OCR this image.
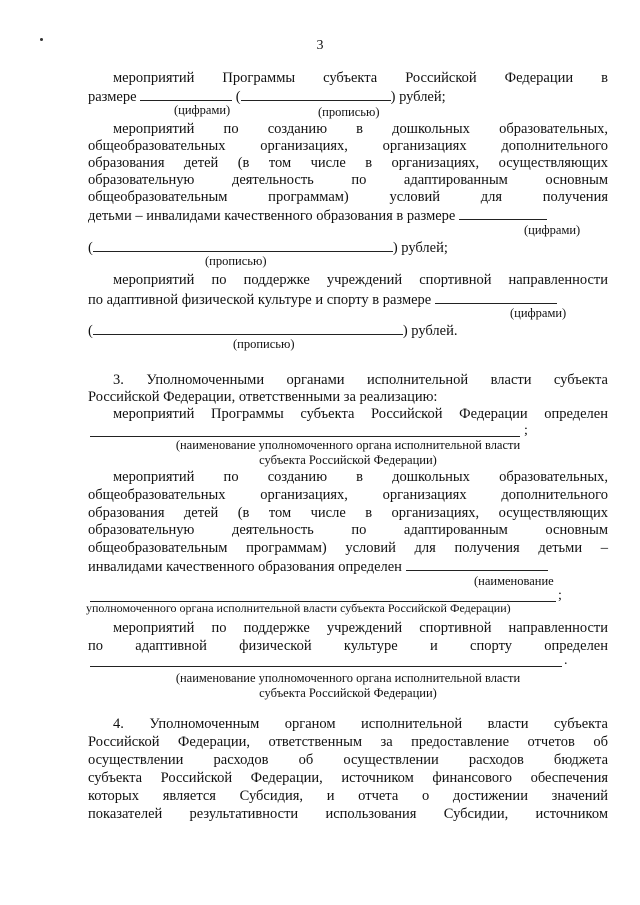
3
мероприятий Программы субъекта Российской Федерации в
размере	(	) рублей;
(цифрами)	(прописью)
мероприятий по созданию в дошкольных образовательных,
общеобразовательных организациях, организациях дополнительного
образования детей (в том числе в организациях, осуществляющих
образовательную деятельность по адаптированным основным
общеобразовательным программам) условий для получения
детьми – инвалидами качественного образования в размере
(цифрами)
(	) рублей;
(прописью)
мероприятий по поддержке учреждений спортивной направленности
по адаптивной физической культуре и спорту в размере
(цифрами)
(	) рублей.
(прописью)
3. Уполномоченными органами исполнительной власти субъекта
Российской Федерации, ответственными за реализацию:
мероприятий Программы субъекта Российской Федерации определен
;
(наименование уполномоченного органа исполнительной власти
субъекта Российской Федерации)
мероприятий по созданию в дошкольных образовательных,
общеобразовательных организациях, организациях дополнительного
образования детей (в том числе в организациях, осуществляющих
образовательную деятельность по адаптированным основным
общеобразовательным программам) условий для получения детьми –
инвалидами качественного образования определен
(наименование
;
уполномоченного органа исполнительной власти субъекта Российской Федерации)
мероприятий по поддержке учреждений спортивной направленности
по адаптивной физической культуре и спорту определен
.
(наименование уполномоченного органа исполнительной власти
субъекта Российской Федерации)
4. Уполномоченным органом исполнительной власти субъекта
Российской Федерации, ответственным за предоставление отчетов об
осуществлении расходов об осуществлении расходов бюджета
субъекта Российской Федерации, источником финансового обеспечения
которых является Субсидия, и отчета о достижении значений
показателей результативности использования Субсидии, источником
